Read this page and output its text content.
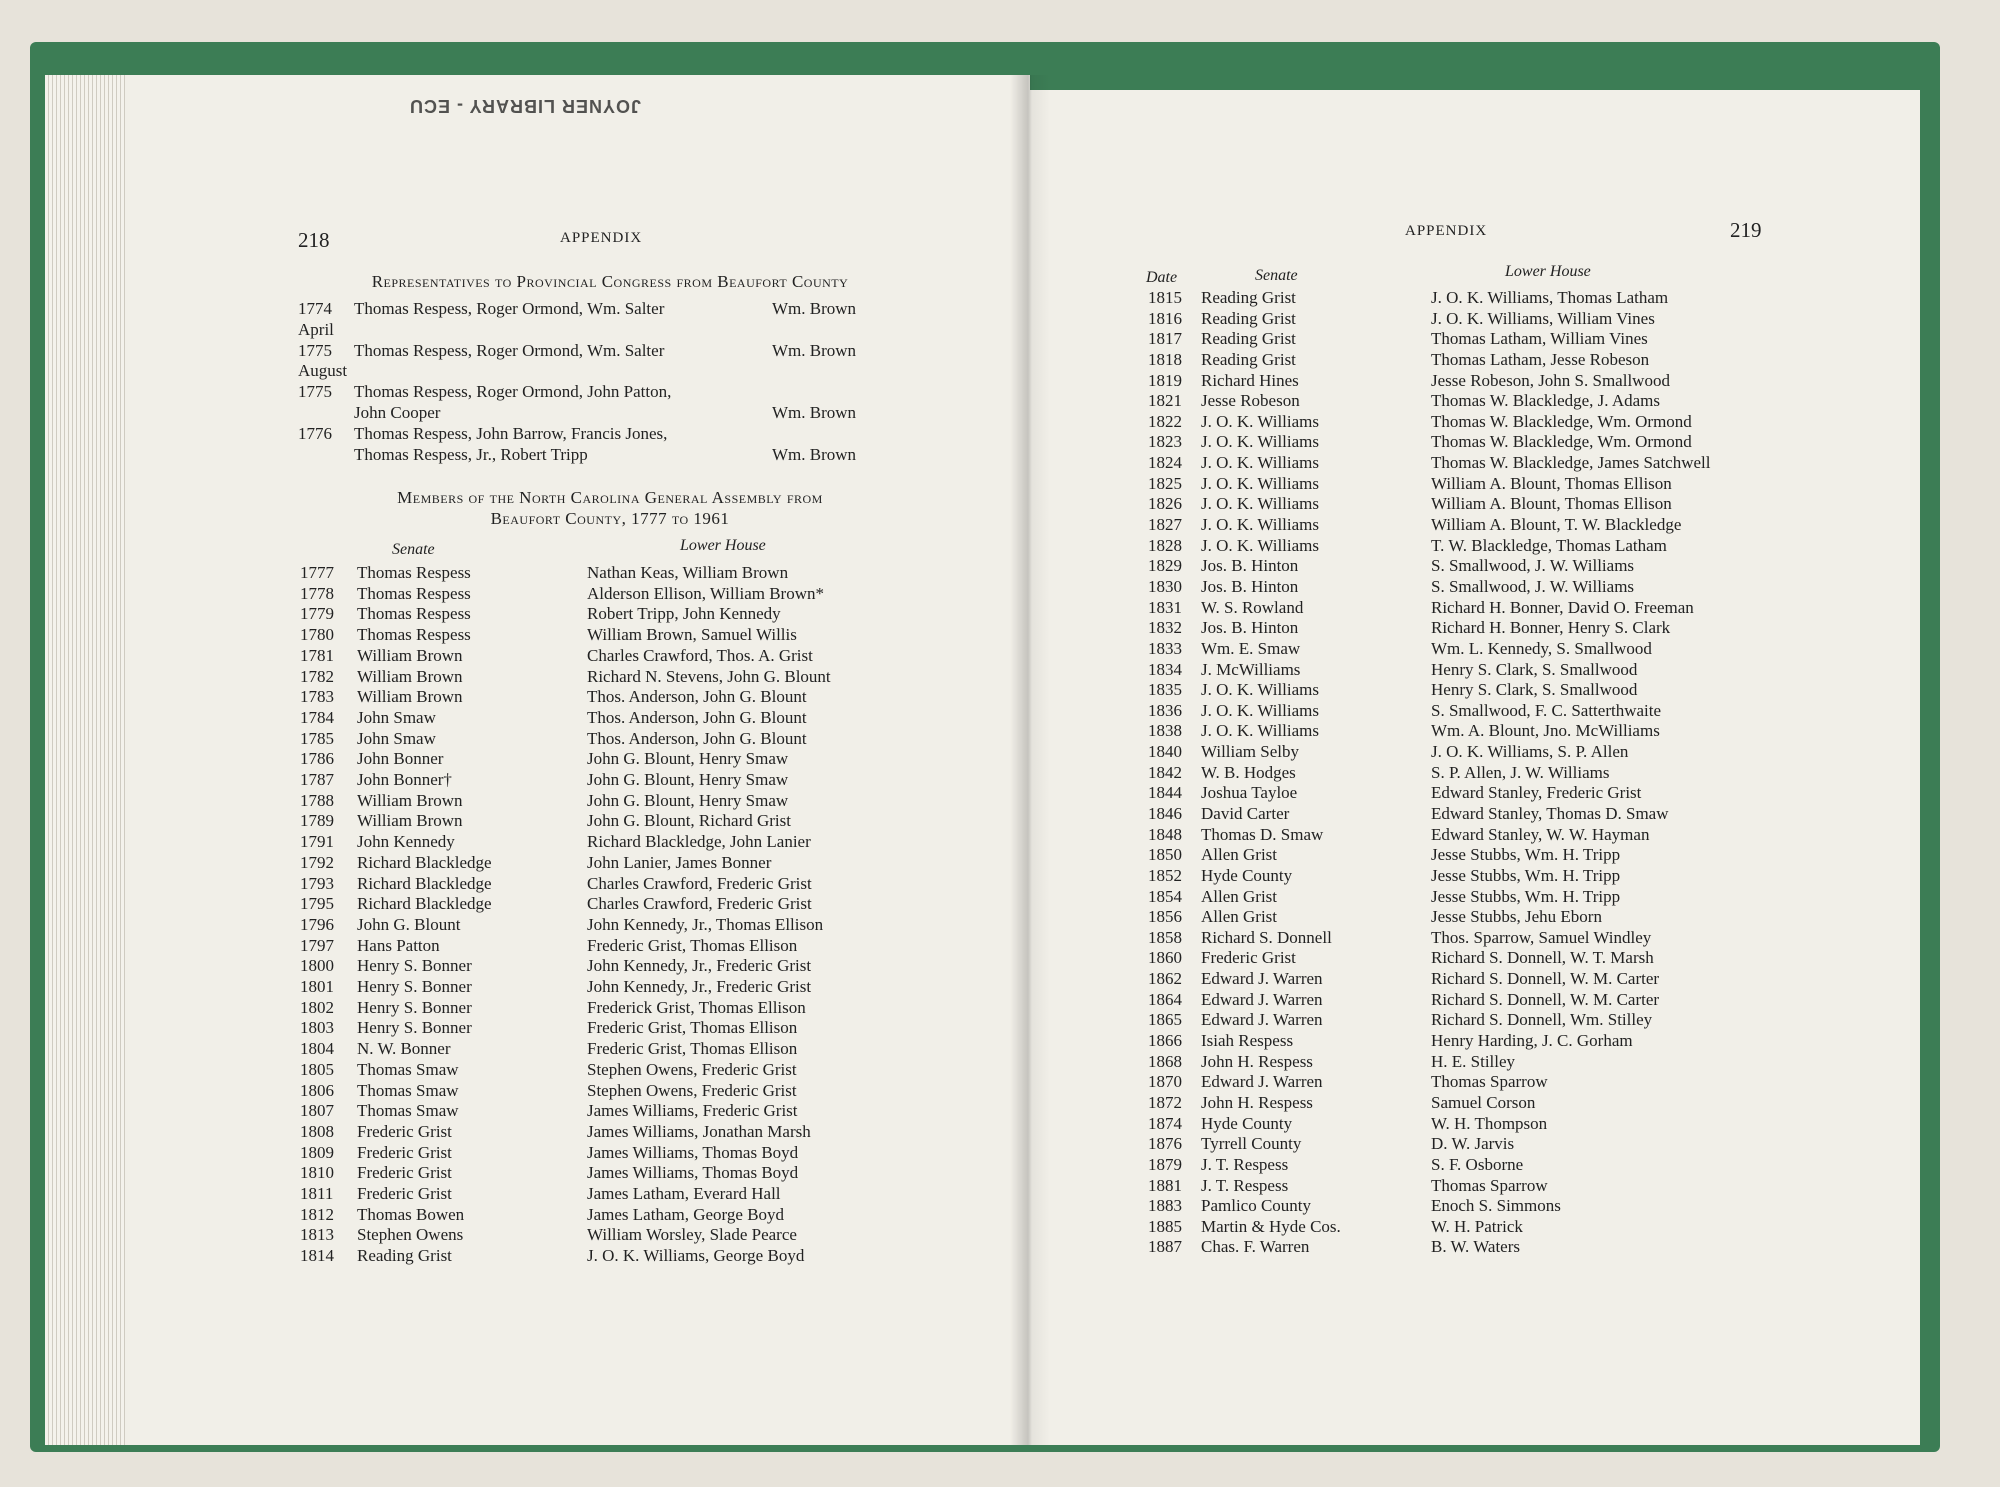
JOYNER LIBRARY - ECU
218	APPENDIX
Representatives to Provincial Congress from Beaufort County
1774 Thomas Respess, Roger Ormond, Wm. Salter	Wm. Brown
April
1775 Thomas Respess, Roger Ormond, Wm. Salter	Wm. Brown
August
1775 Thomas Respess, Roger Ormond, John Patton,
John Cooper	Wm. Brown
1776 Thomas Respess, John Barrow, Francis Jones,
Thomas Respess, Jr., Robert Tripp	Wm. Brown
Members of the North Carolina General Assembly from
Beaufort County, 1777 to 1961
Senate	Lower House
1777 Thomas Respess	Nathan Keas, William Brown
1778 Thomas Respess	Alderson Ellison, William Brown*
1779 Thomas Respess	Robert Tripp, John Kennedy
1780 Thomas Respess	William Brown, Samuel Willis
1781 William Brown	Charles Crawford, Thos. A. Grist
1782 William Brown	Richard N. Stevens, John G. Blount
1783 William Brown	Thos. Anderson, John G. Blount
1784 John Smaw	Thos. Anderson, John G. Blount
1785 John Smaw	Thos. Anderson, John G. Blount
1786 John Bonner	John G. Blount, Henry Smaw
1787 John Bonner†	John G. Blount, Henry Smaw
1788 William Brown	John G. Blount, Henry Smaw
1789 William Brown	John G. Blount, Richard Grist
1791 John Kennedy	Richard Blackledge, John Lanier
1792 Richard Blackledge	John Lanier, James Bonner
1793 Richard Blackledge	Charles Crawford, Frederic Grist
1795 Richard Blackledge	Charles Crawford, Frederic Grist
1796 John G. Blount	John Kennedy, Jr., Thomas Ellison
1797 Hans Patton	Frederic Grist, Thomas Ellison
1800 Henry S. Bonner	John Kennedy, Jr., Frederic Grist
1801 Henry S. Bonner	John Kennedy, Jr., Frederic Grist
1802 Henry S. Bonner	Frederick Grist, Thomas Ellison
1803 Henry S. Bonner	Frederic Grist, Thomas Ellison
1804 N. W. Bonner	Frederic Grist, Thomas Ellison
1805 Thomas Smaw	Stephen Owens, Frederic Grist
1806 Thomas Smaw	Stephen Owens, Frederic Grist
1807 Thomas Smaw	James Williams, Frederic Grist
1808 Frederic Grist	James Williams, Jonathan Marsh
1809 Frederic Grist	James Williams, Thomas Boyd
1810 Frederic Grist	James Williams, Thomas Boyd
1811 Frederic Grist	James Latham, Everard Hall
1812 Thomas Bowen	James Latham, George Boyd
1813 Stephen Owens	William Worsley, Slade Pearce
1814 Reading Grist	J. O. K. Williams, George Boyd
219
APPENDIX
Date	Senate	Lower House
1815 Reading Grist	J. O. K. Williams, Thomas Latham
1816 Reading Grist	J. O. K. Williams, William Vines
1817 Reading Grist	Thomas Latham, William Vines
1818 Reading Grist	Thomas Latham, Jesse Robeson
1819 Richard Hines	Jesse Robeson, John S. Smallwood
1821 Jesse Robeson	Thomas W. Blackledge, J. Adams
1822 J. O. K. Williams	Thomas W. Blackledge, Wm. Ormond
1823 J. O. K. Williams	Thomas W. Blackledge, Wm. Ormond
1824 J. O. K. Williams	Thomas W. Blackledge, James Satchwell
1825 J. O. K. Williams	William A. Blount, Thomas Ellison
1826 J. O. K. Williams	William A. Blount, Thomas Ellison
1827 J. O. K. Williams	William A. Blount, T. W. Blackledge
1828 J. O. K. Williams	T. W. Blackledge, Thomas Latham
1829 Jos. B. Hinton	S. Smallwood, J. W. Williams
1830 Jos. B. Hinton	S. Smallwood, J. W. Williams
1831 W. S. Rowland	Richard H. Bonner, David O. Freeman
1832 Jos. B. Hinton	Richard H. Bonner, Henry S. Clark
1833 Wm. E. Smaw	Wm. L. Kennedy, S. Smallwood
1834 J. McWilliams	Henry S. Clark, S. Smallwood
1835 J. O. K. Williams	Henry S. Clark, S. Smallwood
1836 J. O. K. Williams	S. Smallwood, F. C. Satterthwaite
1838 J. O. K. Williams	Wm. A. Blount, Jno. McWilliams
1840 William Selby	J. O. K. Williams, S. P. Allen
1842 W. B. Hodges	S. P. Allen, J. W. Williams
1844 Joshua Tayloe	Edward Stanley, Frederic Grist
1846 David Carter	Edward Stanley, Thomas D. Smaw
1848 Thomas D. Smaw	Edward Stanley, W. W. Hayman
1850 Allen Grist	Jesse Stubbs, Wm. H. Tripp
1852 Hyde County	Jesse Stubbs, Wm. H. Tripp
1854 Allen Grist	Jesse Stubbs, Wm. H. Tripp
1856 Allen Grist	Jesse Stubbs, Jehu Eborn
1858 Richard S. Donnell	Thos. Sparrow, Samuel Windley
1860 Frederic Grist	Richard S. Donnell, W. T. Marsh
1862 Edward J. Warren	Richard S. Donnell, W. M. Carter
1864 Edward J. Warren	Richard S. Donnell, W. M. Carter
1865 Edward J. Warren	Richard S. Donnell, Wm. Stilley
1866 Isiah Respess	Henry Harding, J. C. Gorham
1868 John H. Respess	H. E. Stilley
1870 Edward J. Warren	Thomas Sparrow
1872 John H. Respess	Samuel Corson
1874 Hyde County	W. H. Thompson
1876 Tyrrell County	D. W. Jarvis
1879 J. T. Respess	S. F. Osborne
1881 J. T. Respess	Thomas Sparrow
1883 Pamlico County	Enoch S. Simmons
1885 Martin & Hyde Cos.	W. H. Patrick
1887 Chas. F. Warren	B. W. Waters
